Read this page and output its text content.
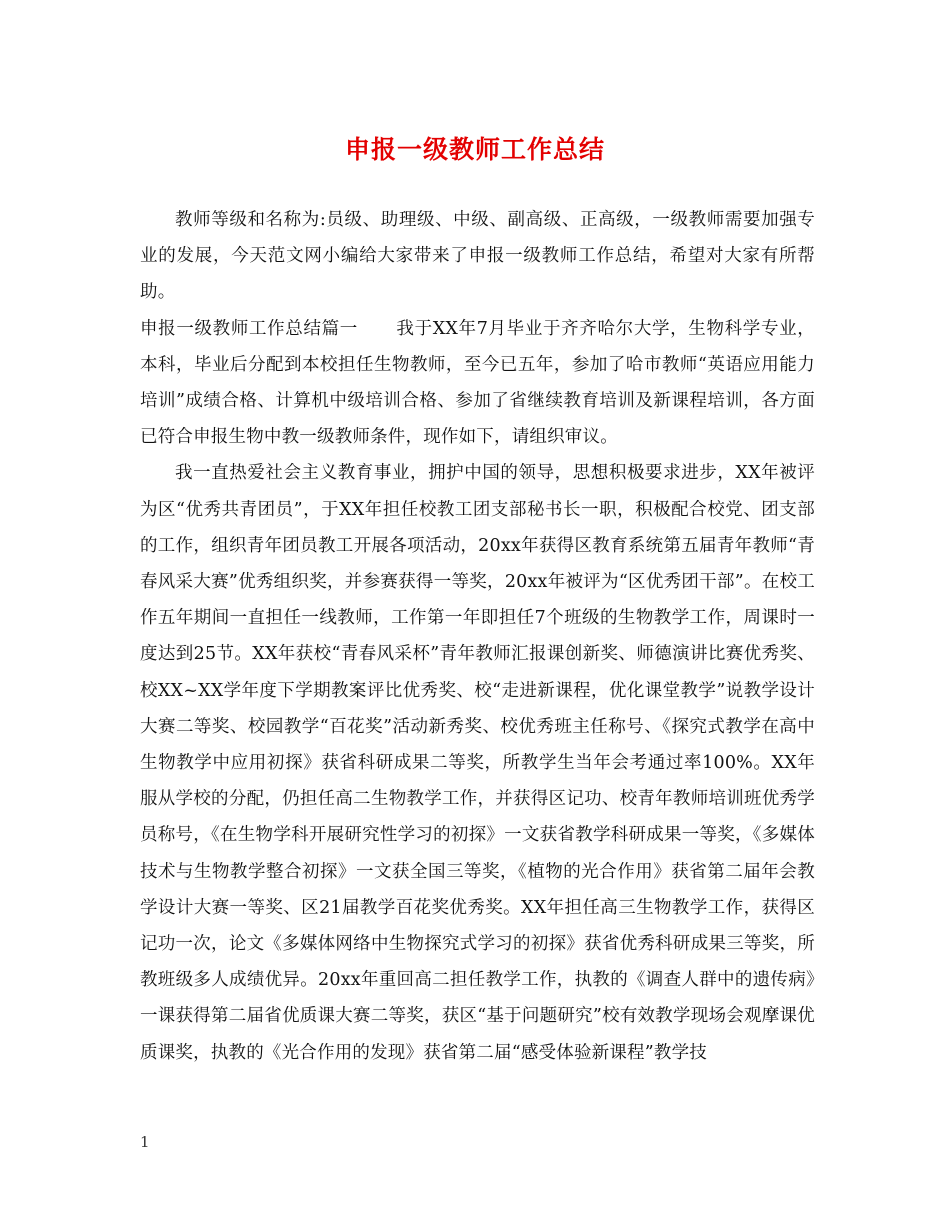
申报一级教师工作总结

教师等级和名称为:员级、助理级、中级、副高级、正高级，一级教师需要加强专业的发展，今天范文网小编给大家带来了申报一级教师工作总结，希望对大家有所帮助。

申报一级教师工作总结篇一 我于XX年7月毕业于齐齐哈尔大学，生物科学专业，本科，毕业后分配到本校担任生物教师，至今已五年，参加了哈市教师“英语应用能力培训”成绩合格、计算机中级培训合格、参加了省继续教育培训及新课程培训，各方面已符合申报生物中教一级教师条件，现作如下，请组织审议。

我一直热爱社会主义教育事业，拥护中国的领导，思想积极要求进步，XX年被评为区“优秀共青团员”，于XX年担任校教工团支部秘书长一职，积极配合校党、团支部的工作，组织青年团员教工开展各项活动，20xx年获得区教育系统第五届青年教师“青春风采大赛”优秀组织奖，并参赛获得一等奖，20xx年被评为“区优秀团干部”。在校工作五年期间一直担任一线教师，工作第一年即担任7个班级的生物教学工作，周课时一度达到25节。XX年获校“青春风采杯”青年教师汇报课创新奖、师德演讲比赛优秀奖、校XX~XX学年度下学期教案评比优秀奖、校“走进新课程，优化课堂教学”说教学设计大赛二等奖、校园教学“百花奖”活动新秀奖、校优秀班主任称号、《探究式教学在高中生物教学中应用初探》获省科研成果二等奖，所教学生当年会考通过率100%。XX年服从学校的分配，仍担任高二生物教学工作，并获得区记功、校青年教师培训班优秀学员称号，《在生物学科开展研究性学习的初探》一文获省教学科研成果一等奖，《多媒体技术与生物教学整合初探》一文获全国三等奖，《植物的光合作用》获省第二届年会教学设计大赛一等奖、区21届教学百花奖优秀奖。XX年担任高三生物教学工作，获得区记功一次，论文《多媒体网络中生物探究式学习的初探》获省优秀科研成果三等奖，所教班级多人成绩优异。20xx年重回高二担任教学工作，执教的《调查人群中的遗传病》一课获得第二届省优质课大赛二等奖，获区“基于问题研究”校有效教学现场会观摩课优质课奖，执教的《光合作用的发现》获省第二届“感受体验新课程”教学技

1
